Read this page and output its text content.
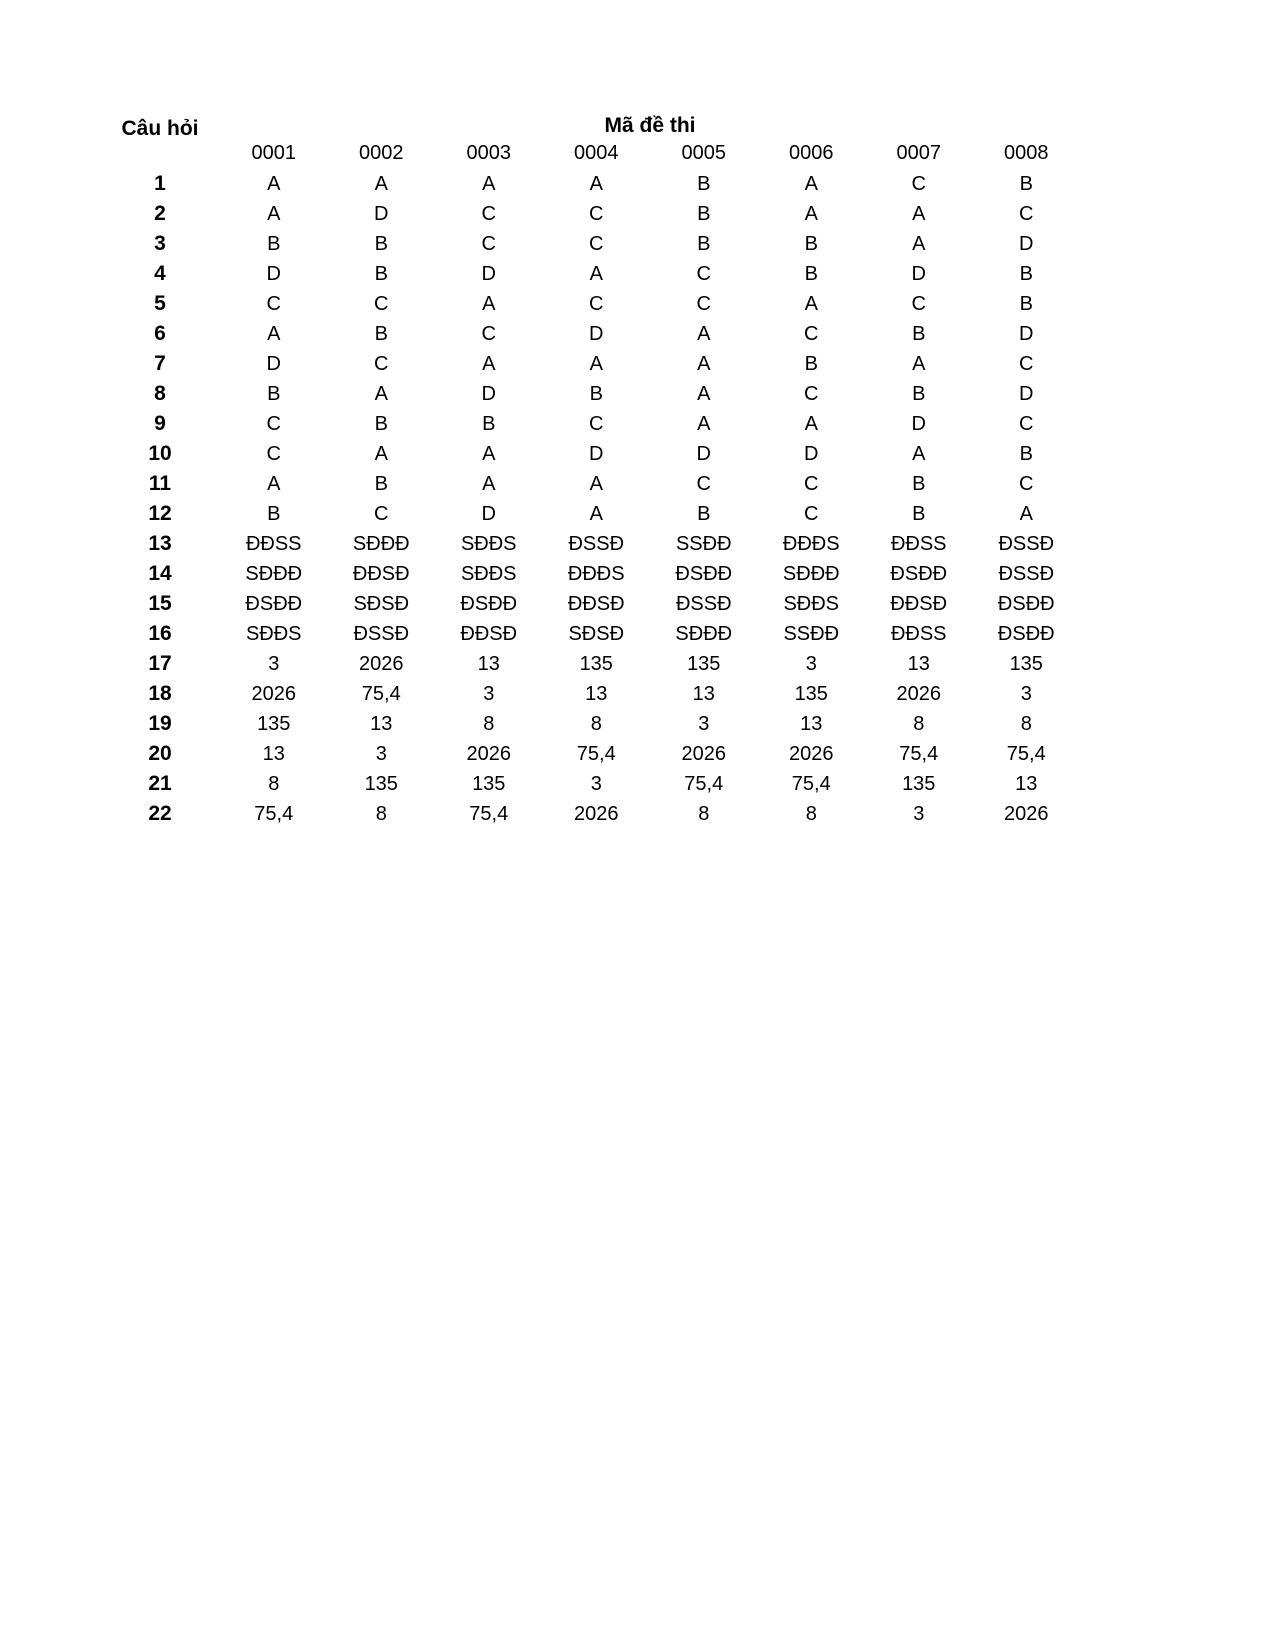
Câu hỏi	Mã đề thi							
	0001	0002	0003	0004	0005	0006	0007	0008
1	A	A	A	A	B	A	C	B
2	A	D	C	C	B	A	A	C
3	B	B	C	C	B	B	A	D
4	D	B	D	A	C	B	D	B
5	C	C	A	C	C	A	C	B
6	A	B	C	D	A	C	B	D
7	D	C	A	A	A	B	A	C
8	B	A	D	B	A	C	B	D
9	C	B	B	C	A	A	D	C
10	C	A	A	D	D	D	A	B
11	A	B	A	A	C	C	B	C
12	B	C	D	A	B	C	B	A
13	ĐĐSS	SĐĐĐ	SĐĐS	ĐSSĐ	SSĐĐ	ĐĐĐS	ĐĐSS	ĐSSĐ
14	SĐĐĐ	ĐĐSĐ	SĐĐS	ĐĐĐS	ĐSĐĐ	SĐĐĐ	ĐSĐĐ	ĐSSĐ
15	ĐSĐĐ	SĐSĐ	ĐSĐĐ	ĐĐSĐ	ĐSSĐ	SĐĐS	ĐĐSĐ	ĐSĐĐ
16	SĐĐS	ĐSSĐ	ĐĐSĐ	SĐSĐ	SĐĐĐ	SSĐĐ	ĐĐSS	ĐSĐĐ
17	3	2026	13	135	135	3	13	135
18	2026	75,4	3	13	13	135	2026	3
19	135	13	8	8	3	13	8	8
20	13	3	2026	75,4	2026	2026	75,4	75,4
21	8	135	135	3	75,4	75,4	135	13
22	75,4	8	75,4	2026	8	8	3	2026
